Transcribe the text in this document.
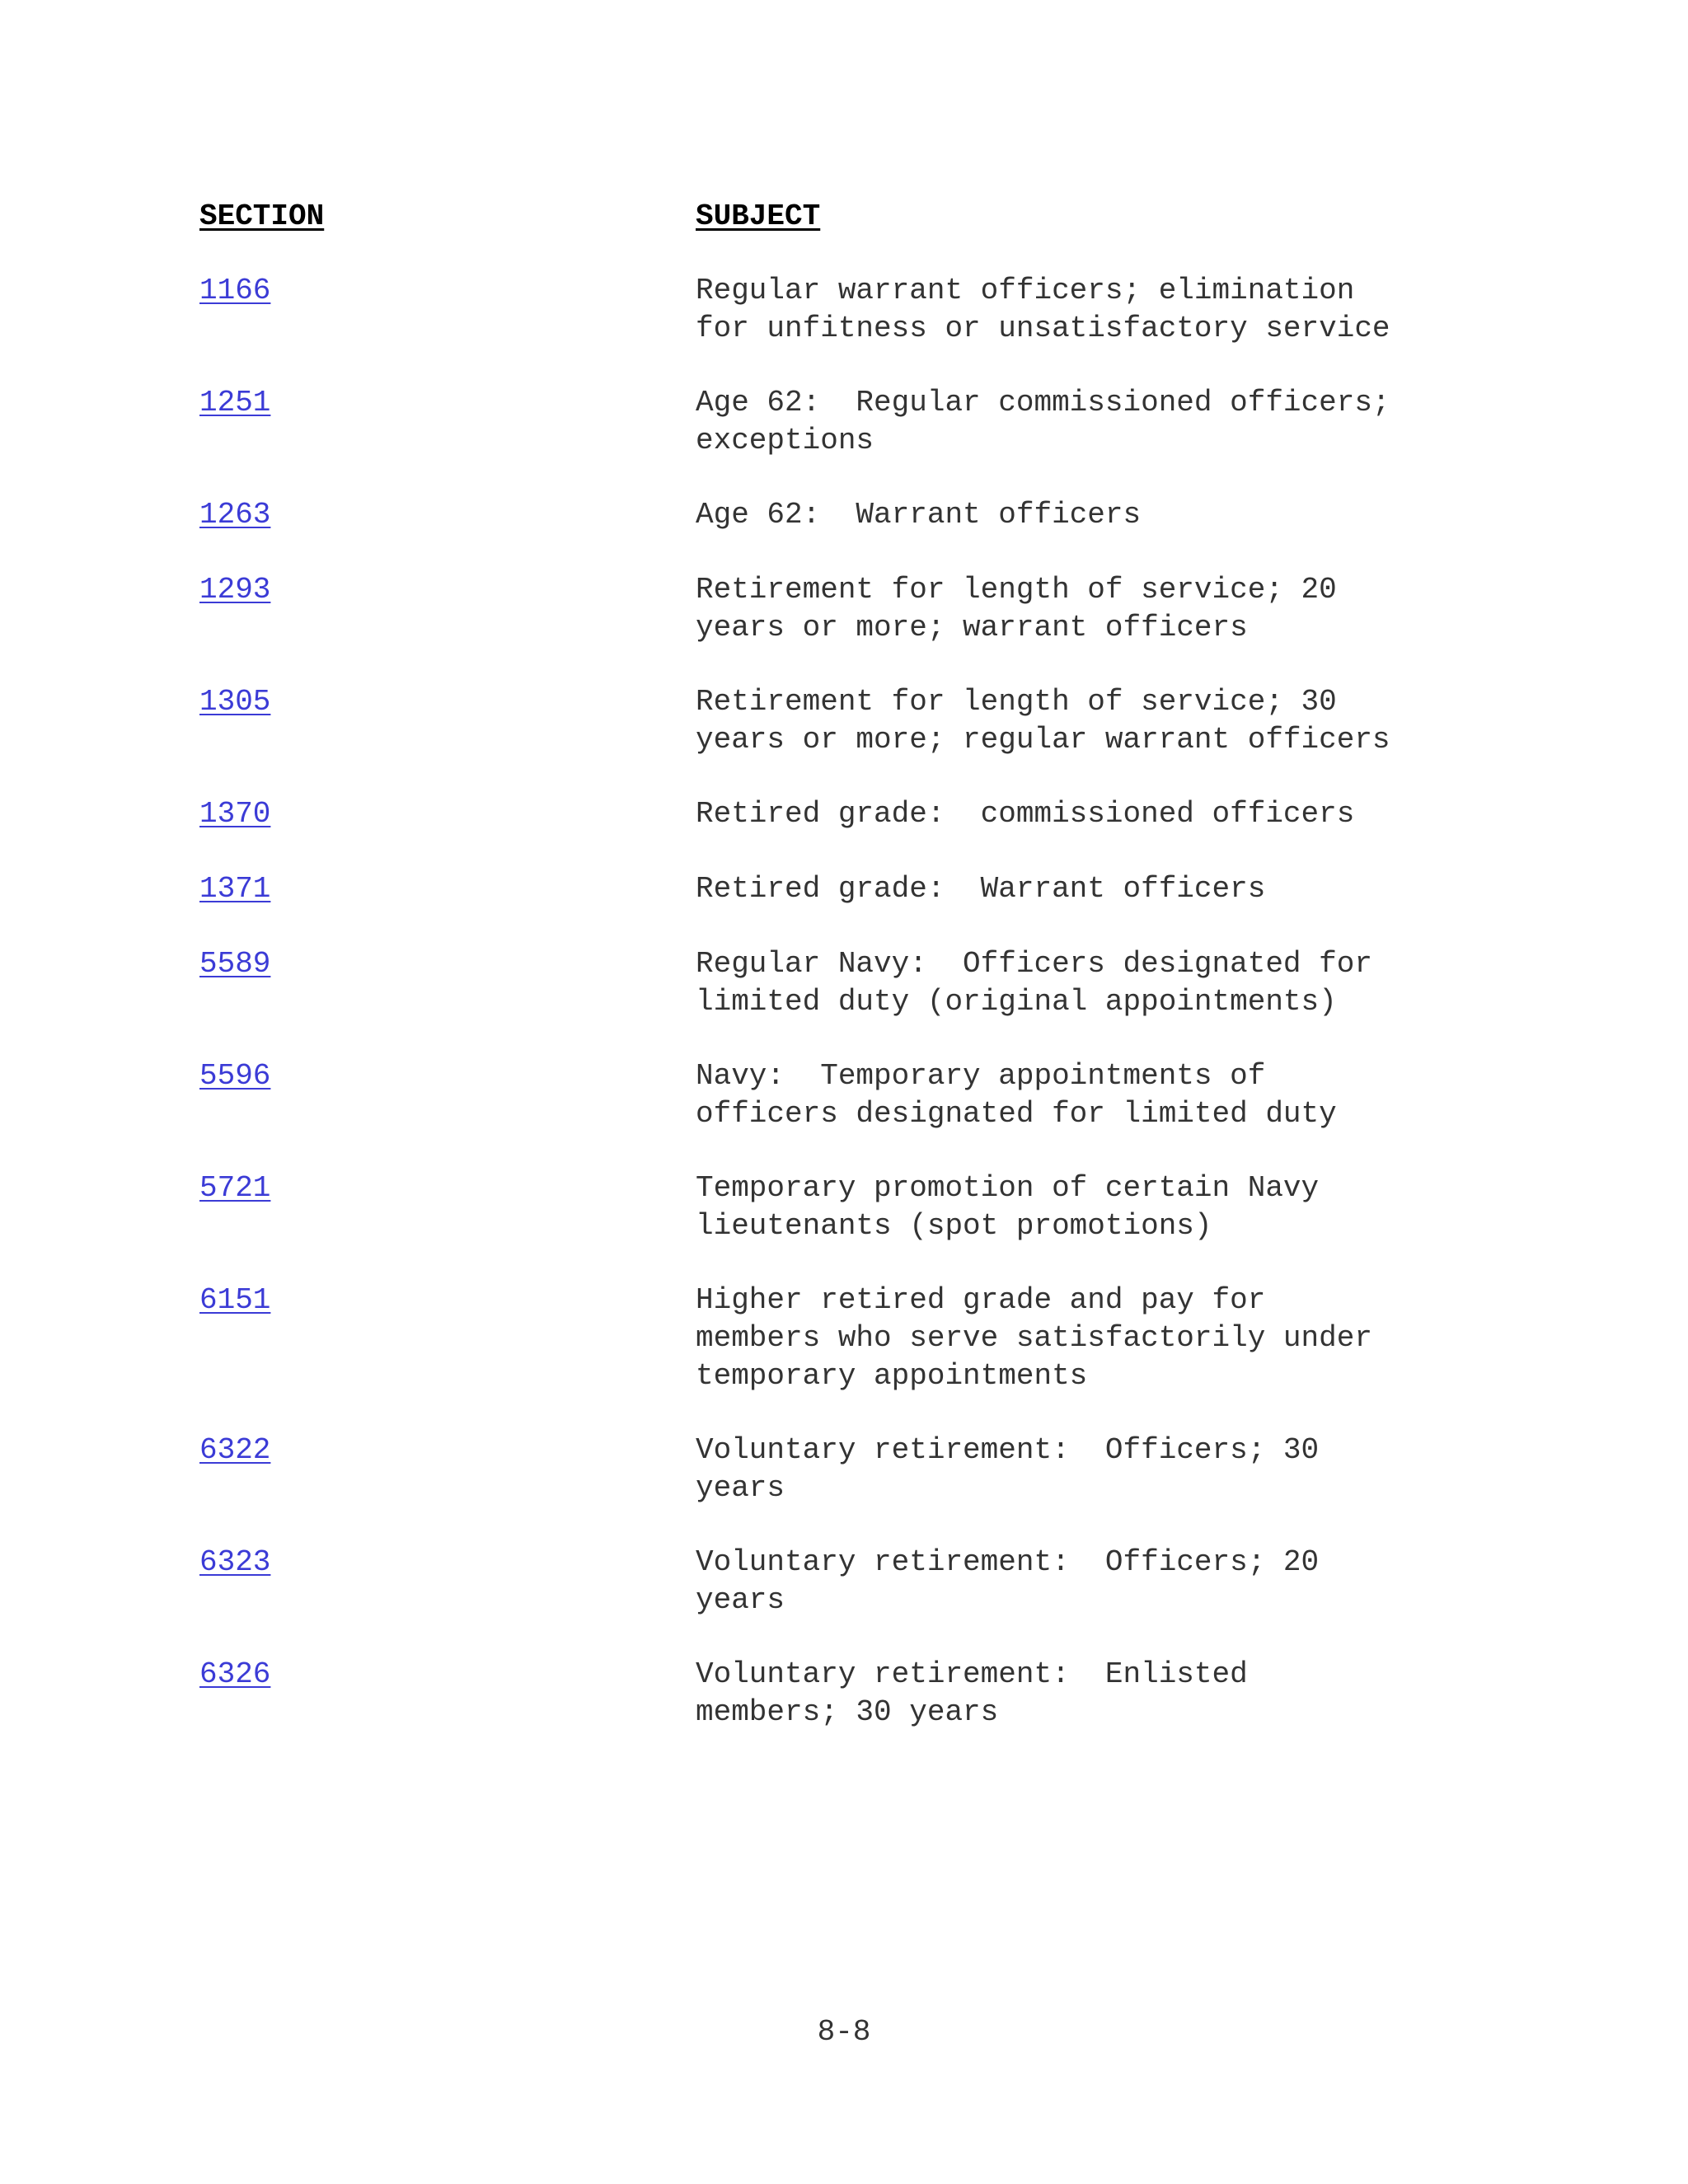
SECTION	SUBJECT
1166	Regular warrant officers; elimination
for unfitness or unsatisfactory service
1251	Age 62:  Regular commissioned officers;
exceptions
1263	Age 62:  Warrant officers
1293	Retirement for length of service; 20
years or more; warrant officers
1305	Retirement for length of service; 30
years or more; regular warrant officers
1370	Retired grade:  commissioned officers
1371	Retired grade:  Warrant officers
5589	Regular Navy:  Officers designated for
limited duty (original appointments)
5596	Navy:  Temporary appointments of
officers designated for limited duty
5721	Temporary promotion of certain Navy
lieutenants (spot promotions)
6151	Higher retired grade and pay for
members who serve satisfactorily under
temporary appointments
6322	Voluntary retirement:  Officers; 30
years
6323	Voluntary retirement:  Officers; 20
years
6326	Voluntary retirement:  Enlisted
members; 30 years
8-8
